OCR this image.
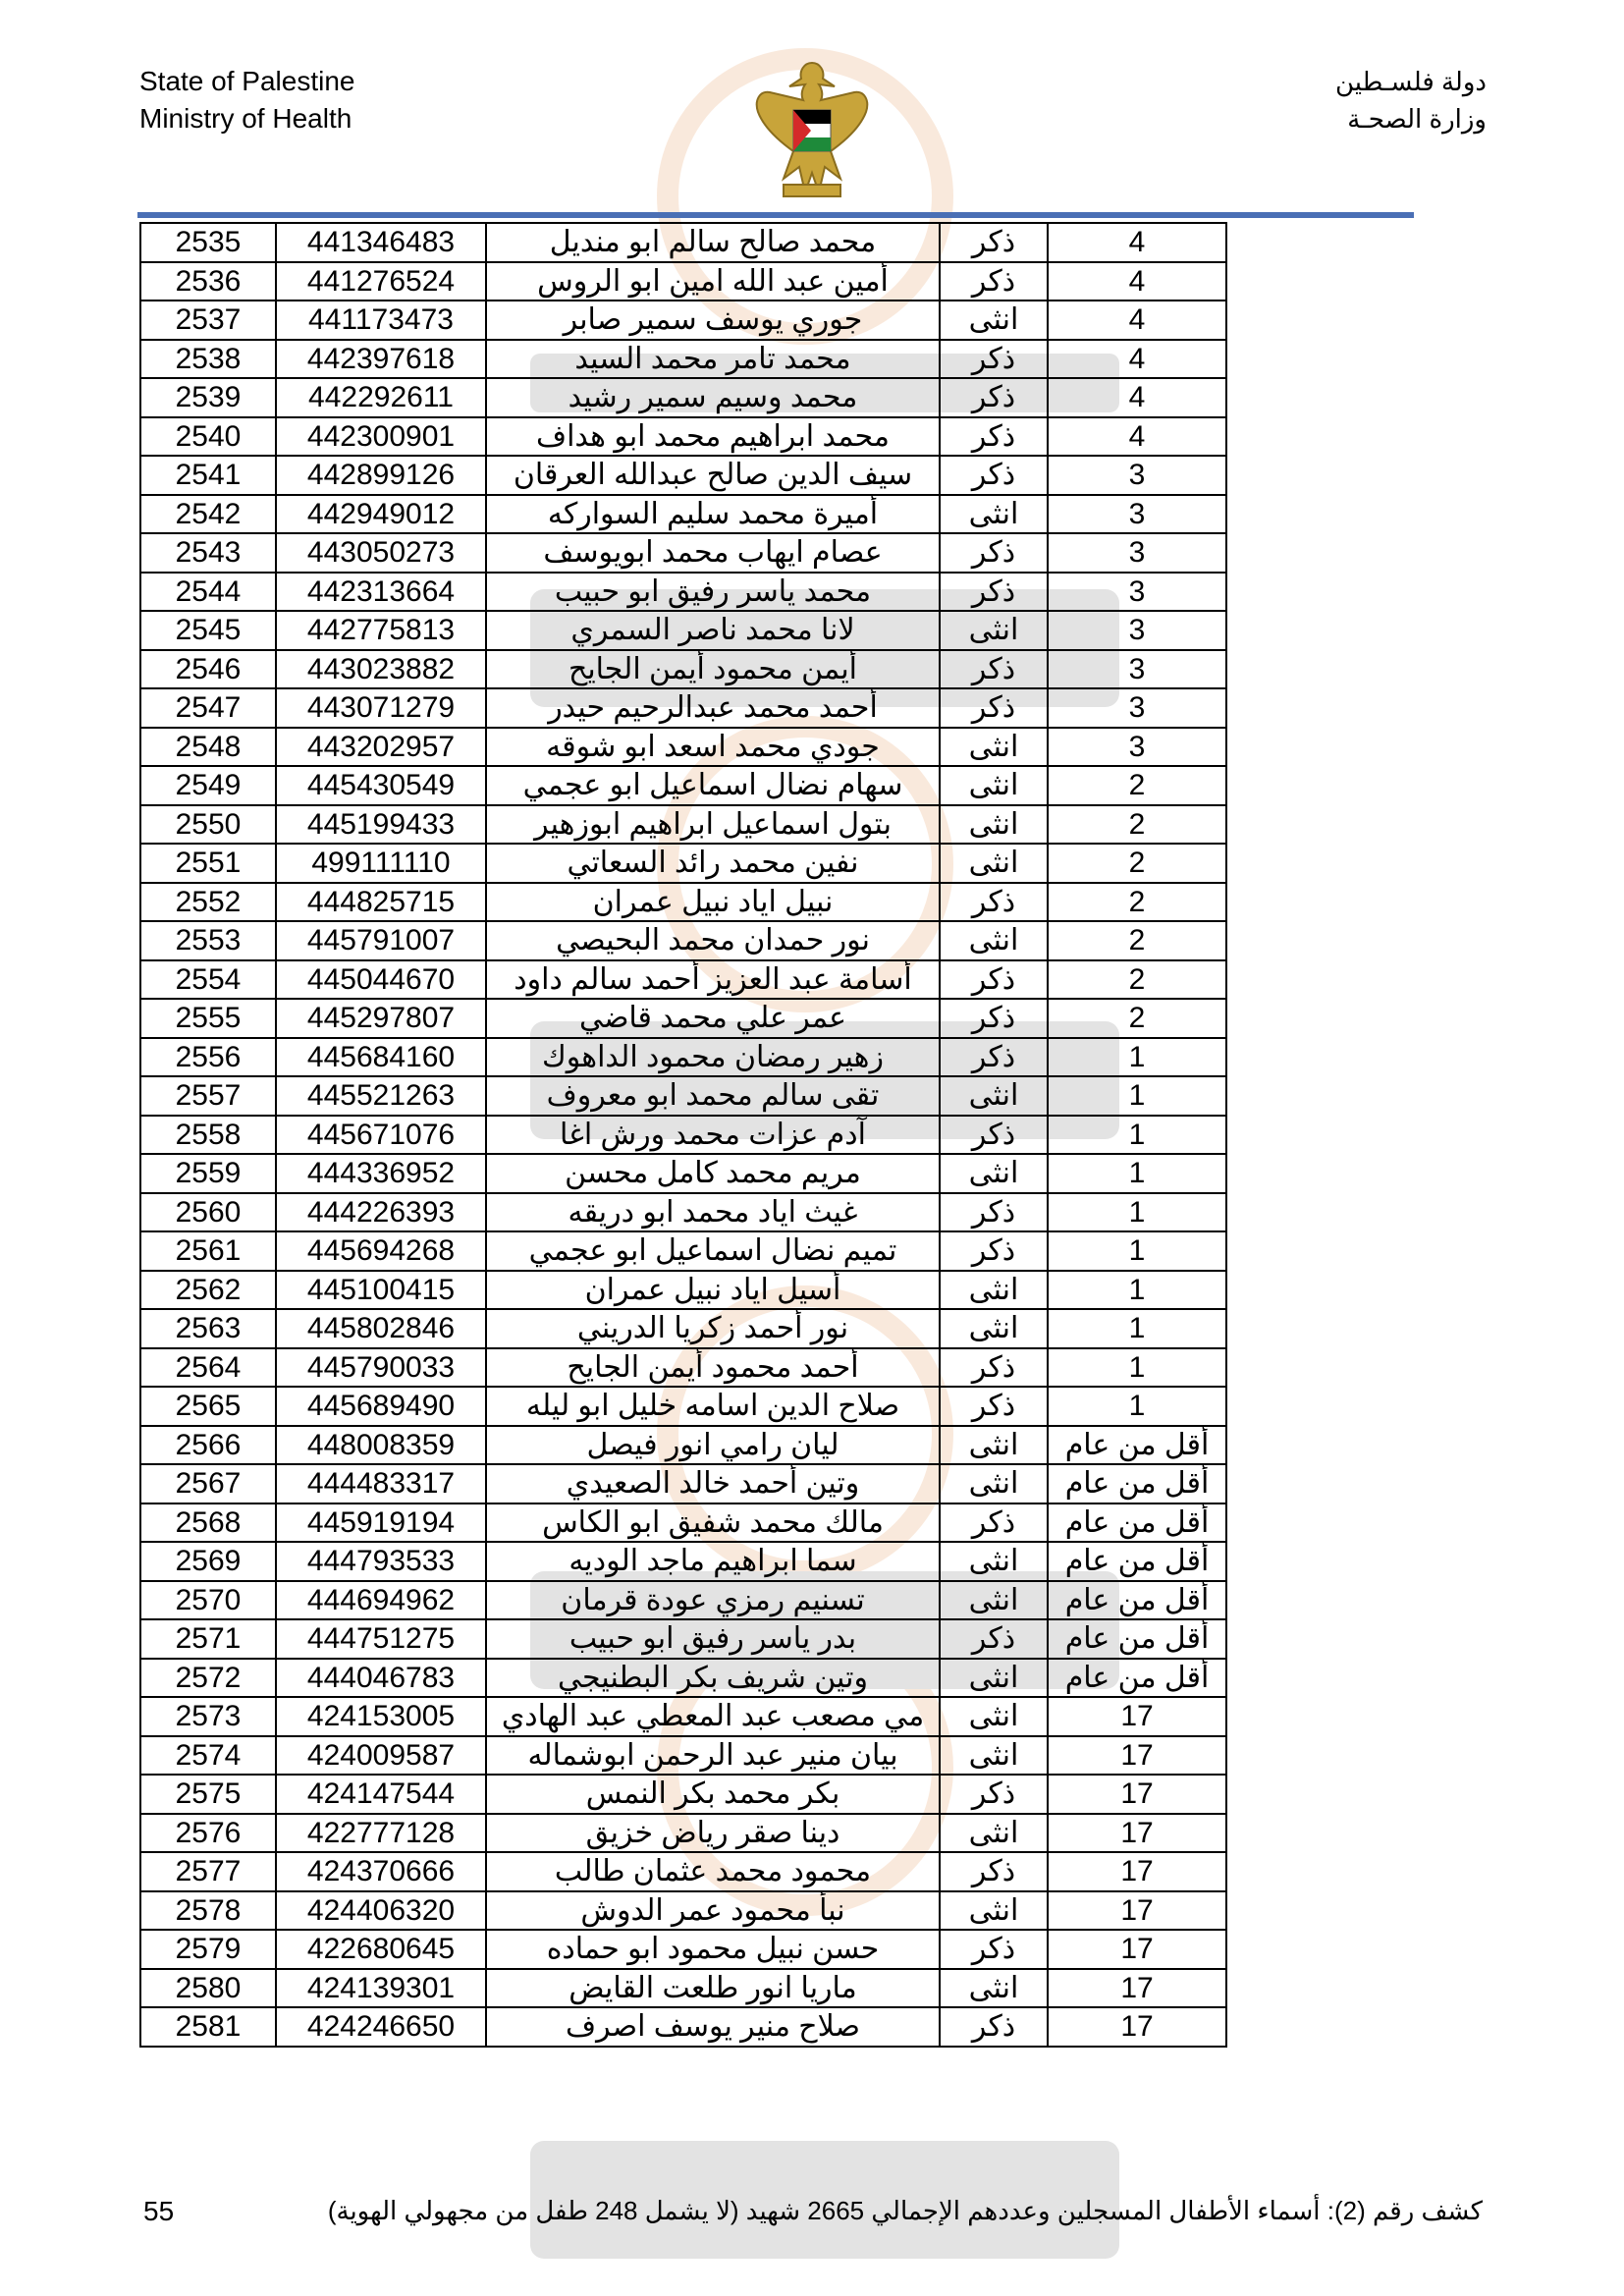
State of Palestine
Ministry of Health
دولة فلسـطين
وزارة الصحـة
2535	441346483	محمد صالح سالم ابو منديل	ذكر	4
2536	441276524	أمين عبد الله امين ابو الروس	ذكر	4
2537	441173473	جوري يوسف سمير صابر	انثى	4
2538	442397618	محمد تامر محمد السيد	ذكر	4
2539	442292611	محمد وسيم سمير رشيد	ذكر	4
2540	442300901	محمد ابراهيم محمد ابو هداف	ذكر	4
2541	442899126	سيف الدين صالح عبدالله العرقان	ذكر	3
2542	442949012	أميرة محمد سليم السواركه	انثى	3
2543	443050273	عصام ايهاب محمد ابويوسف	ذكر	3
2544	442313664	محمد ياسر رفيق ابو حبيب	ذكر	3
2545	442775813	لانا محمد ناصر السمري	انثى	3
2546	443023882	أيمن محمود أيمن الجايح	ذكر	3
2547	443071279	أحمد محمد عبدالرحيم حيدر	ذكر	3
2548	443202957	جودي محمد اسعد ابو شوقه	انثى	3
2549	445430549	سهام نضال اسماعيل ابو عجمي	انثى	2
2550	445199433	بتول اسماعيل ابراهيم ابوزهير	انثى	2
2551	499111110	نفين محمد رائد السعاتي	انثى	2
2552	444825715	نبيل اياد نبيل عمران	ذكر	2
2553	445791007	نور حمدان محمد البحيصي	انثى	2
2554	445044670	أسامة عبد العزيز أحمد سالم داود	ذكر	2
2555	445297807	عمر علي محمد قاضي	ذكر	2
2556	445684160	زهير رمضان محمود الداهوك	ذكر	1
2557	445521263	تقى سالم محمد ابو معروف	انثى	1
2558	445671076	آدم عزات محمد ورش اغا	ذكر	1
2559	444336952	مريم محمد كامل محسن	انثى	1
2560	444226393	غيث اياد محمد ابو دريقه	ذكر	1
2561	445694268	تميم نضال اسماعيل ابو عجمي	ذكر	1
2562	445100415	أسيل اياد نبيل عمران	انثى	1
2563	445802846	نور أحمد زكريا الدريني	انثى	1
2564	445790033	أحمد محمود أيمن الجايح	ذكر	1
2565	445689490	صلاح الدين اسامه خليل ابو ليله	ذكر	1
2566	448008359	ليان رامي انور فيصل	انثى	أقل من عام
2567	444483317	وتين أحمد خالد الصعيدي	انثى	أقل من عام
2568	445919194	مالك محمد شفيق ابو الكاس	ذكر	أقل من عام
2569	444793533	سما ابراهيم ماجد الوديه	انثى	أقل من عام
2570	444694962	تسنيم رمزي عودة قرمان	انثى	أقل من عام
2571	444751275	بدر ياسر رفيق ابو حبيب	ذكر	أقل من عام
2572	444046783	وتين شريف بكر البطنيجي	انثى	أقل من عام
2573	424153005	مي مصعب عبد المعطي عبد الهادي	انثى	17
2574	424009587	بيان منير عبد الرحمن ابوشماله	انثى	17
2575	424147544	بكر محمد بكر النمس	ذكر	17
2576	422777128	دينا صقر رياض خزيق	انثى	17
2577	424370666	محمود محمد عثمان طالب	ذكر	17
2578	424406320	نبأ محمود عمر الدوش	انثى	17
2579	422680645	حسن نبيل محمود ابو حماده	ذكر	17
2580	424139301	ماريا انور طلعت القايض	انثى	17
2581	424246650	صلاح منير يوسف اصرف	ذكر	17
55	كشف رقم (2): أسماء الأطفال المسجلين وعددهم الإجمالي 2665 شهيد (لا يشمل 248 طفل من مجهولي الهوية)
